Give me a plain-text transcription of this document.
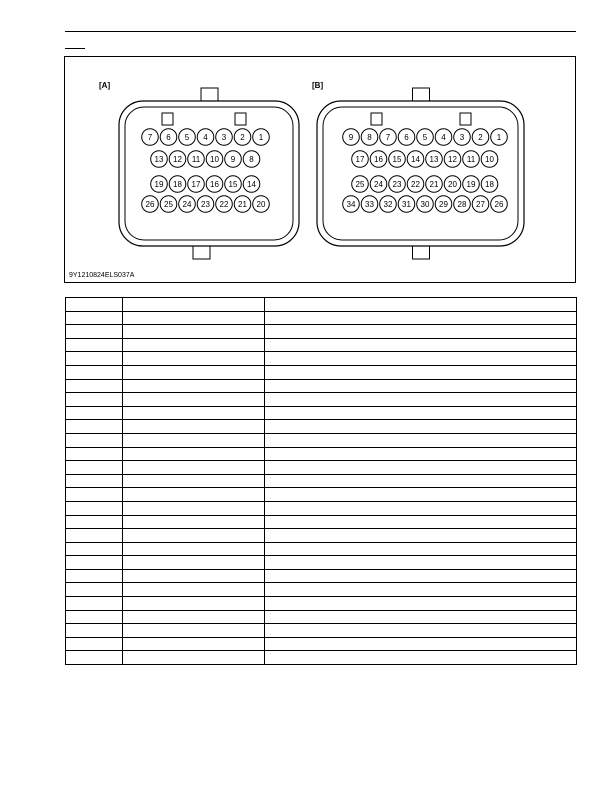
7 6 5 4 3 2 1
13 12 11 10 9 8
19 18 17 16 15 14
26 25 24 23 22 21 20
9 8 7 6 5 4 3 2 1
17 16 15 14 13 12 11 10
25 24 23 22 21 20 19 18
34 33 32 31 30 29 28 27 26
[A]	[B]
9Y1210824ELS037A
